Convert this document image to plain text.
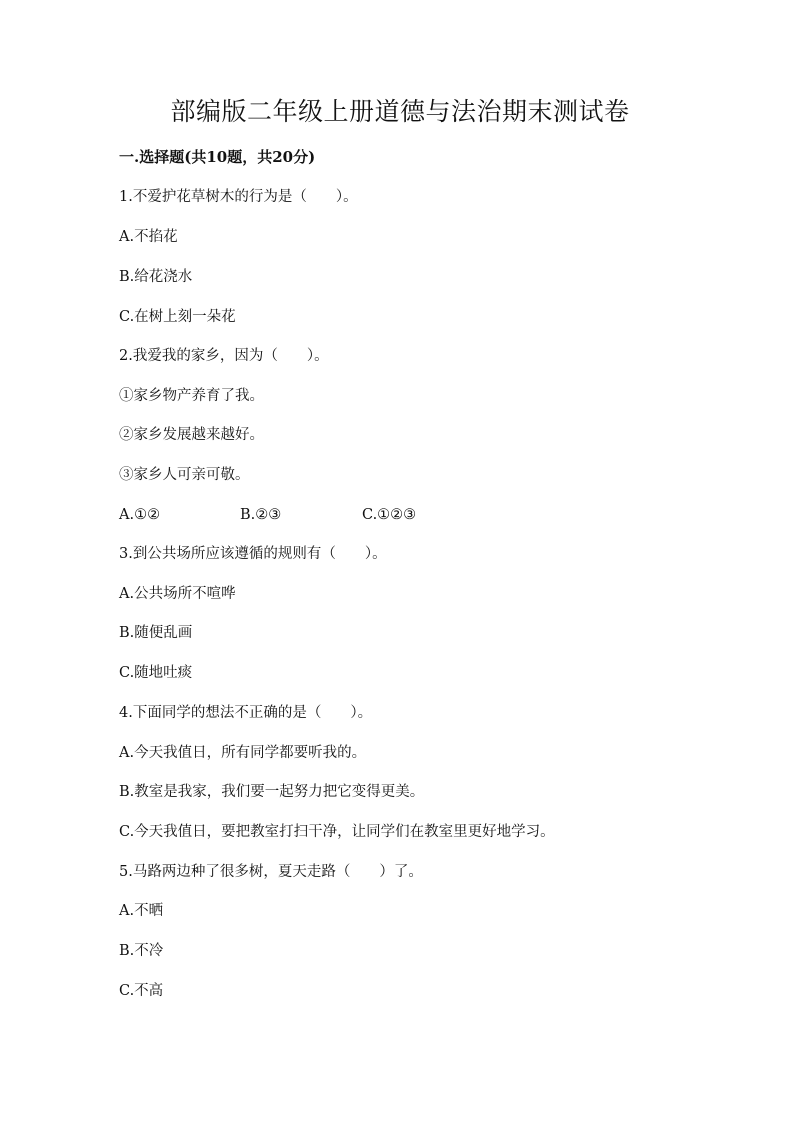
部编版二年级上册道德与法治期末测试卷
一.选择题(共10题，共20分)
1.不爱护花草树木的行为是（　　）。
A.不掐花
B.给花浇水
C.在树上刻一朵花
2.我爱我的家乡，因为（　　）。
①家乡物产养育了我。
②家乡发展越来越好。
③家乡人可亲可敬。
A.①②	B.②③	C.①②③
3.到公共场所应该遵循的规则有（　　）。
A.公共场所不喧哗
B.随便乱画
C.随地吐痰
4.下面同学的想法不正确的是（　　）。
A.今天我值日，所有同学都要听我的。
B.教室是我家，我们要一起努力把它变得更美。
C.今天我值日，要把教室打扫干净，让同学们在教室里更好地学习。
5.马路两边种了很多树，夏天走路（　　）了。
A.不晒
B.不冷
C.不高
